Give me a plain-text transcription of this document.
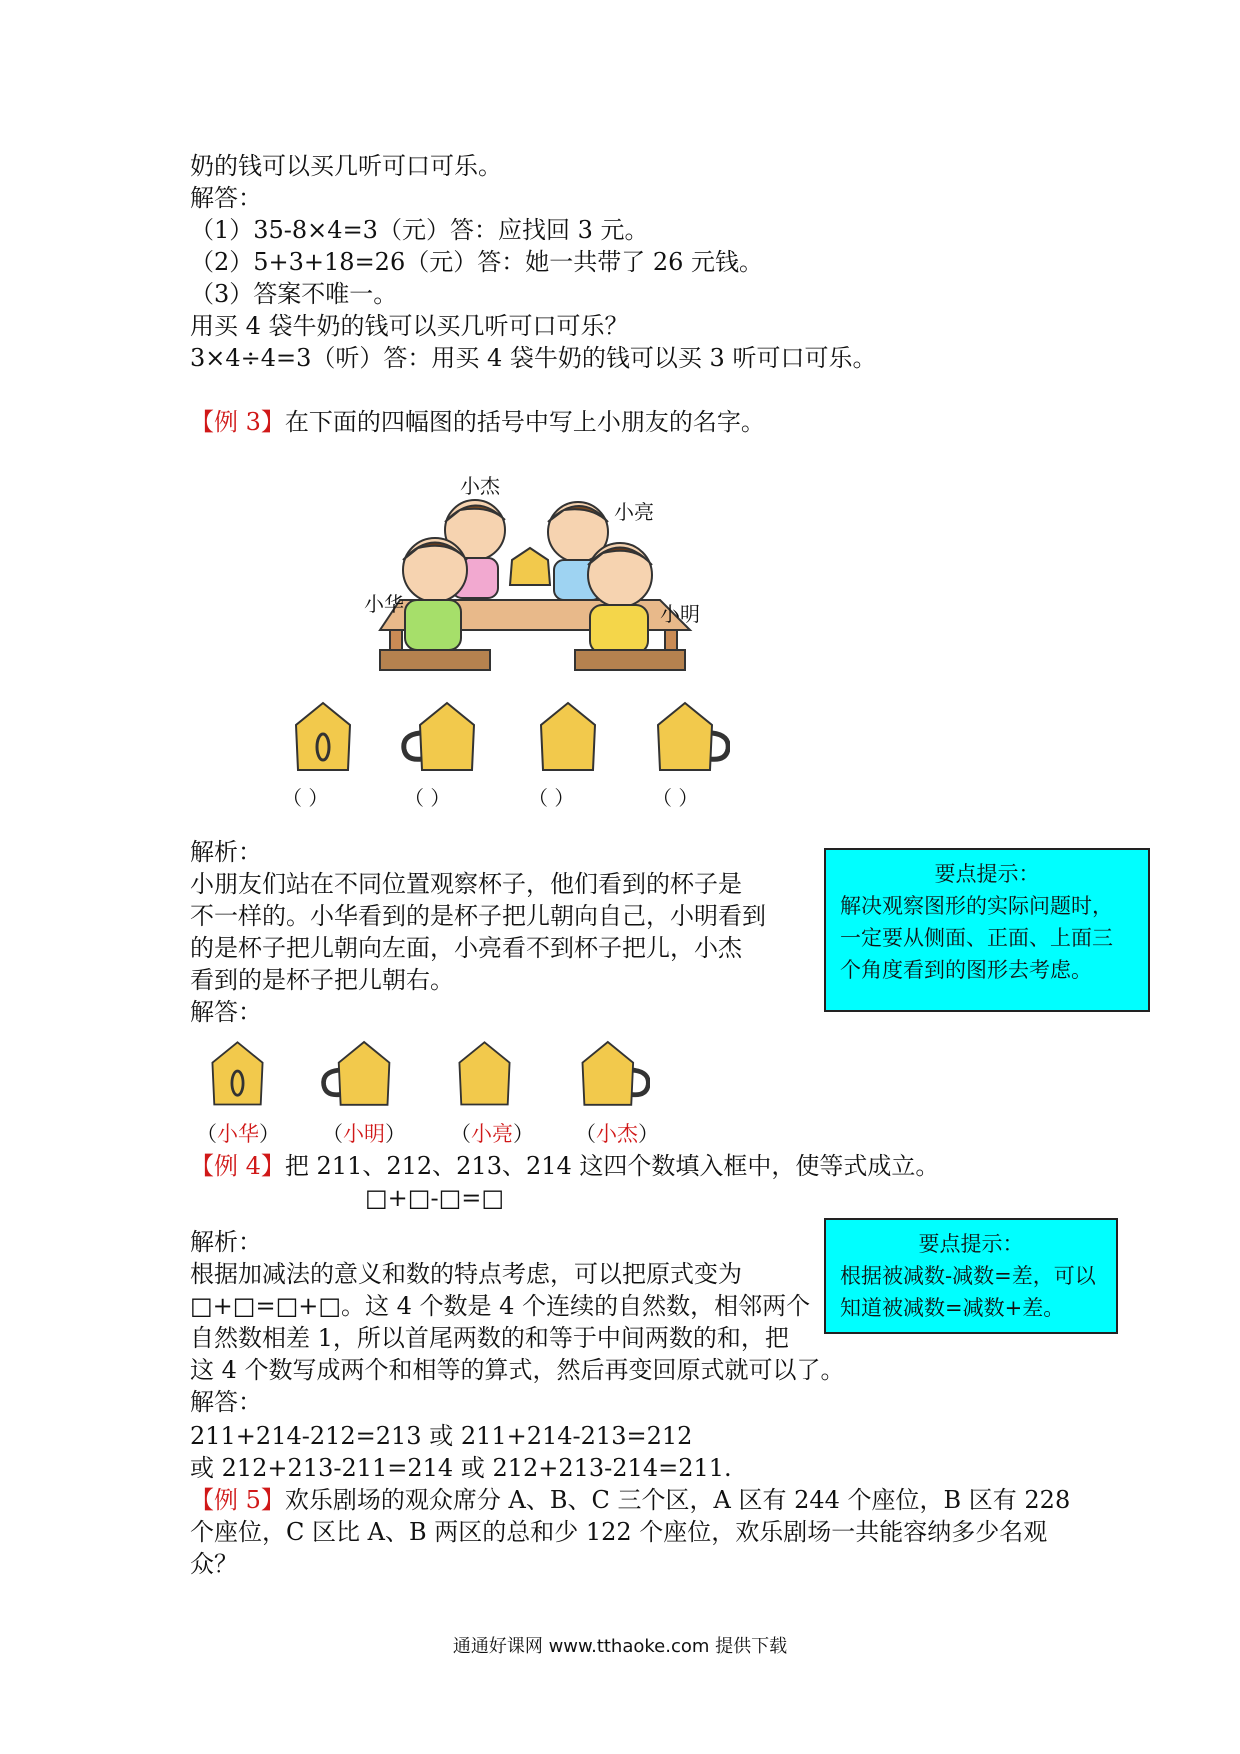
奶的钱可以买几听可口可乐。
解答：
（1）35-8×4=3（元）答：应找回 3 元。
（2）5+3+18=26（元）答：她一共带了 26 元钱。
（3）答案不唯一。
用买 4 袋牛奶的钱可以买几听可口可乐？
3×4÷4=3（听）答：用买 4 袋牛奶的钱可以买 3 听可口可乐。
【例 3】在下面的四幅图的括号中写上小朋友的名字。
小杰
小亮
小华	小明
（ ）	（ ）	（ ）	（ ）
解析：
小朋友们站在不同位置观察杯子，他们看到的杯子是
不一样的。小华看到的是杯子把儿朝向自己，小明看到
的是杯子把儿朝向左面，小亮看不到杯子把儿，小杰
看到的是杯子把儿朝右。
解答：
要点提示：
解决观察图形的实际问题时，
一定要从侧面、正面、上面三
个角度看到的图形去考虑。
（小华） （小明） （小亮） （小杰）
【例 4】把 211、212、213、214 这四个数填入框中，使等式成立。
□+□-□=□
解析：
根据加减法的意义和数的特点考虑，可以把原式变为
□+□=□+□。这 4 个数是 4 个连续的自然数，相邻两个
自然数相差 1，所以首尾两数的和等于中间两数的和，把
这 4 个数写成两个和相等的算式，然后再变回原式就可以了。
解答：
211+214-212=213 或 211+214-213=212
或 212+213-211=214 或 212+213-214=211.
要点提示：
根据被减数-减数=差，可以
知道被减数=减数+差。
【例 5】欢乐剧场的观众席分 A、B、C 三个区，A 区有 244 个座位，B 区有 228
个座位，C 区比 A、B 两区的总和少 122 个座位，欢乐剧场一共能容纳多少名观
众？
通通好课网 www.tthaoke.com 提供下载
